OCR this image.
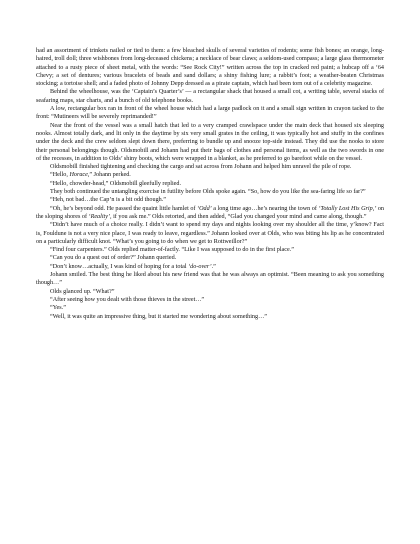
had an assortment of trinkets nailed or tied to them: a few bleached skulls of several varieties of rodents; some fish bones; an orange, long-haired, troll doll; three wishbones from long-deceased chickens; a necklace of bear claws; a seldom-used compass; a large glass thermometer attached to a rusty piece of sheet metal, with the words: “See Rock City!” written across the top in cracked red paint; a hubcap off a ‘64 Chevy; a set of dentures; various bracelets of beads and sand dollars; a shiny fishing lure; a rabbit’s foot; a weather-beaten Christmas stocking; a tortoise shell; and a faded photo of Johnny Depp dressed as a pirate captain, which had been torn out of a celebrity magazine.

Behind the wheelhouse, was the ‘Captain’s Quarter’s’ — a rectangular shack that housed a small cot, a writing table, several stacks of seafaring maps, star charts, and a bunch of old telephone books.

A low, rectangular box ran in front of the wheel house which had a large padlock on it and a small sign written in crayon tacked to the front: “Mutineers will be severely reprimanded!”

Near the front of the vessel was a small hatch that led to a very cramped crawlspace under the main deck that housed six sleeping nooks. Almost totally dark, and lit only in the daytime by six very small grates in the ceiling, it was typically hot and stuffy in the confines under the deck and the crew seldom slept down there, preferring to bundle up and snooze top-side instead. They did use the nooks to store their personal belongings though. Oldsmobill and Johann had put their bags of clothes and personal items, as well as the two swords in one of the recesses, in addition to Olds’ shiny boots, which were wrapped in a blanket, as he preferred to go barefoot while on the vessel.

Oldsmobill finished tightening and checking the cargo and sat across from Johann and helped him unravel the pile of rope.

“Hello, Horace,” Johann perked.

“Hello, chowder-head,” Oldsmobill gleefully replied.

They both continued the untangling exercise in futility before Olds spoke again. “So, how do you like the sea-faring life so far?”

“Heh, not bad…the Cap’n is a bit odd though.”

“Oh, he’s beyond odd. He passed the quaint little hamlet of ‘Odd’ a long time ago…he’s nearing the town of ‘Totally Lost His Grip,’ on the sloping shores of ‘Reality’, if you ask me.” Olds retorted, and then added, “Glad you changed your mind and came along, though.”

“Didn’t have much of a choice really. I didn’t want to spend my days and nights looking over my shoulder all the time, y’know? Fact is, Fouldune is not a very nice place, I was ready to leave, regardless.” Johann looked over at Olds, who was biting his lip as he concentrated on a particularly difficult knot. “What’s you going to do when we get to Rottweillor?”

“Find four carpenters.” Olds replied matter-of-factly. “Like I was supposed to do in the first place.”

“Can you do a quest out of order?” Johann queried.

“Don’t know…actually, I was kind of hoping for a total ‘do-over’.”

Johann smiled. The best thing he liked about his new friend was that he was always an optimist. “Been meaning to ask you something though…”

Olds glanced up. “What?”

“After seeing how you dealt with those thieves in the street…”

“Yes.”

“Well, it was quite an impressive thing, but it started me wondering about something…”
